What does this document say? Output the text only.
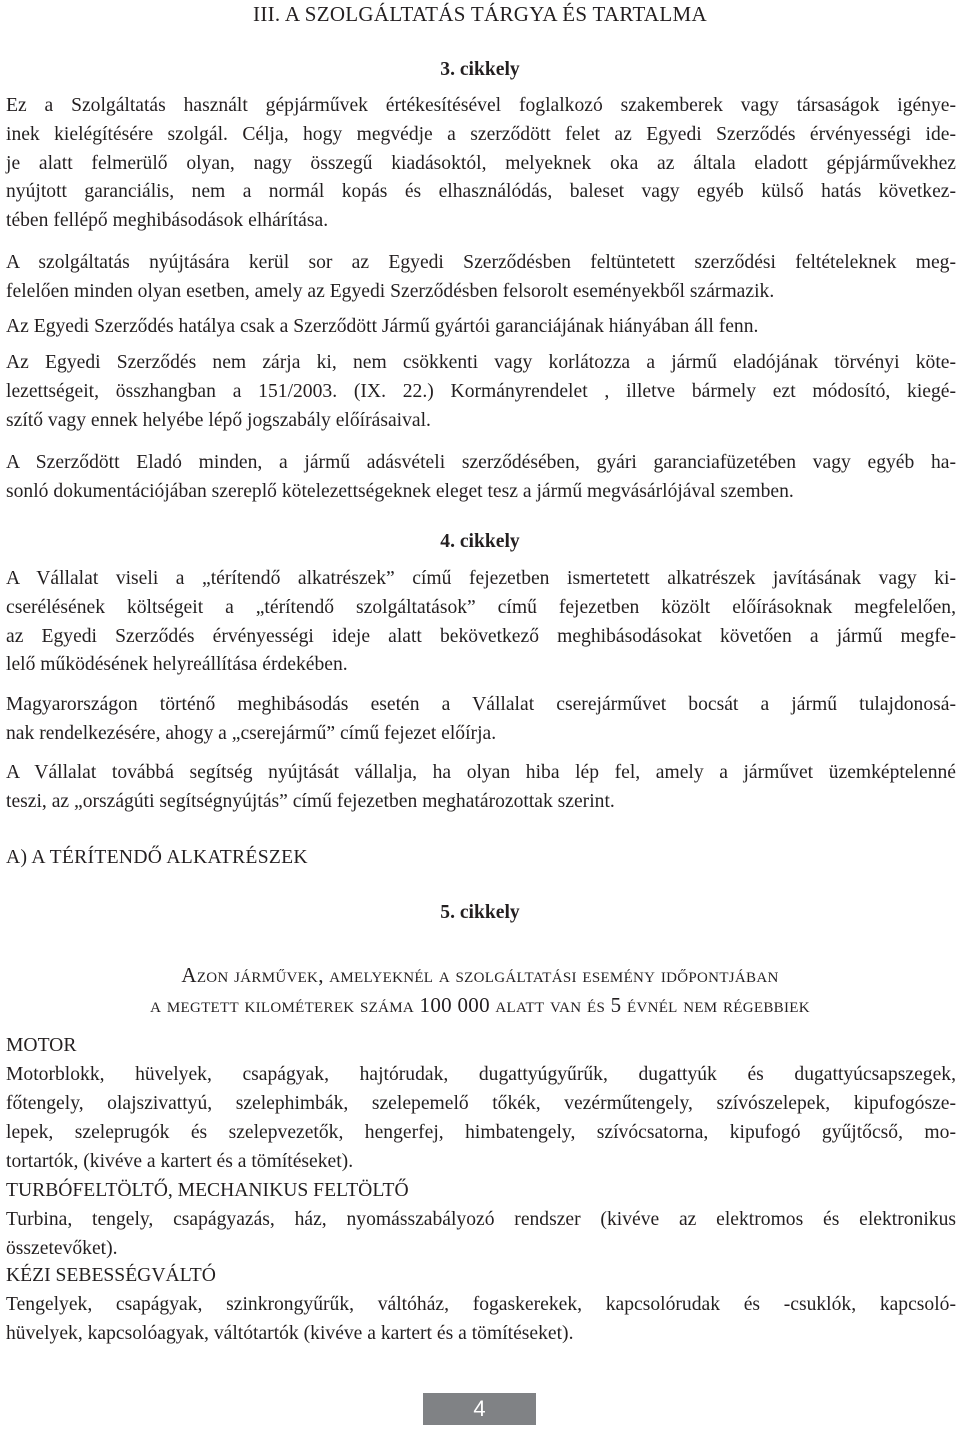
III. A SZOLGÁLTATÁS TÁRGYA ÉS TARTALMA
3. cikkely
Ez a Szolgáltatás használt gépjárművek értékesítésével foglalkozó szakemberek vagy társaságok igénye-
inek kielégítésére szolgál. Célja, hogy megvédje a szerződött felet az Egyedi Szerződés érvényességi ide-
je alatt felmerülő olyan, nagy összegű kiadásoktól, melyeknek oka az általa eladott gépjárművekhez
nyújtott garanciális, nem a normál kopás és elhasználódás, baleset vagy egyéb külső hatás következ-
tében fellépő meghibásodások elhárítása.
A szolgáltatás nyújtására kerül sor az Egyedi Szerződésben feltüntetett szerződési feltételeknek meg-
felelően minden olyan esetben, amely az Egyedi Szerződésben felsorolt eseményekből származik.
Az Egyedi Szerződés hatálya csak a Szerződött Jármű gyártói garanciájának hiányában áll fenn.
Az Egyedi Szerződés nem zárja ki, nem csökkenti vagy korlátozza a jármű eladójának törvényi köte-
lezettségeit, összhangban a 151/2003. (IX. 22.) Kormányrendelet , illetve bármely ezt módosító, kiegé-
szítő vagy ennek helyébe lépő jogszabály előírásaival.
A Szerződött Eladó minden, a jármű adásvételi szerződésében, gyári garanciafüzetében vagy egyéb ha-
sonló dokumentációjában szereplő kötelezettségeknek eleget tesz a jármű megvásárlójával szemben.
4. cikkely
A Vállalat viseli a „térítendő alkatrészek” című fejezetben ismertetett alkatrészek javításának vagy ki-
cserélésének költségeit a „térítendő szolgáltatások” című fejezetben közölt előírásoknak megfelelően,
az Egyedi Szerződés érvényességi ideje alatt bekövetkező meghibásodásokat követően a jármű megfe-
lelő működésének helyreállítása érdekében.
Magyarországon történő meghibásodás esetén a Vállalat cserejárművet bocsát a jármű tulajdonosá-
nak rendelkezésére, ahogy a „cserejármű” című fejezet előírja.
A Vállalat továbbá segítség nyújtását vállalja, ha olyan hiba lép fel, amely a járművet üzemképtelenné
teszi, az „országúti segítségnyújtás” című fejezetben meghatározottak szerint.
A) A TÉRÍTENDŐ ALKATRÉSZEK
5. cikkely
Azon járművek, amelyeknél a szolgáltatási esemény időpontjában
a megtett kilométerek száma 100 000 alatt van és 5 évnél nem régebbiek
MOTOR
Motorblokk, hüvelyek, csapágyak, hajtórudak, dugattyúgyűrűk, dugattyúk és dugattyúcsapszegek,
főtengely, olajszivattyú, szelephimbák, szelepemelő tőkék, vezérműtengely, szívószelepek, kipufogósze-
lepek, szeleprugók és szelepvezetők, hengerfej, himbatengely, szívócsatorna, kipufogó gyűjtőcső, mo-
tortartók, (kivéve a kartert és a tömítéseket).
TURBÓFELTÖLTŐ, MECHANIKUS FELTÖLTŐ
Turbina, tengely, csapágyazás, ház, nyomásszabályozó rendszer (kivéve az elektromos és elektronikus
összetevőket).
KÉZI SEBESSÉGVÁLTÓ
Tengelyek, csapágyak, szinkrongyűrűk, váltóház, fogaskerekek, kapcsolórudak és -csuklók, kapcsoló-
hüvelyek, kapcsolóagyak, váltótartók (kivéve a kartert és a tömítéseket).
4
